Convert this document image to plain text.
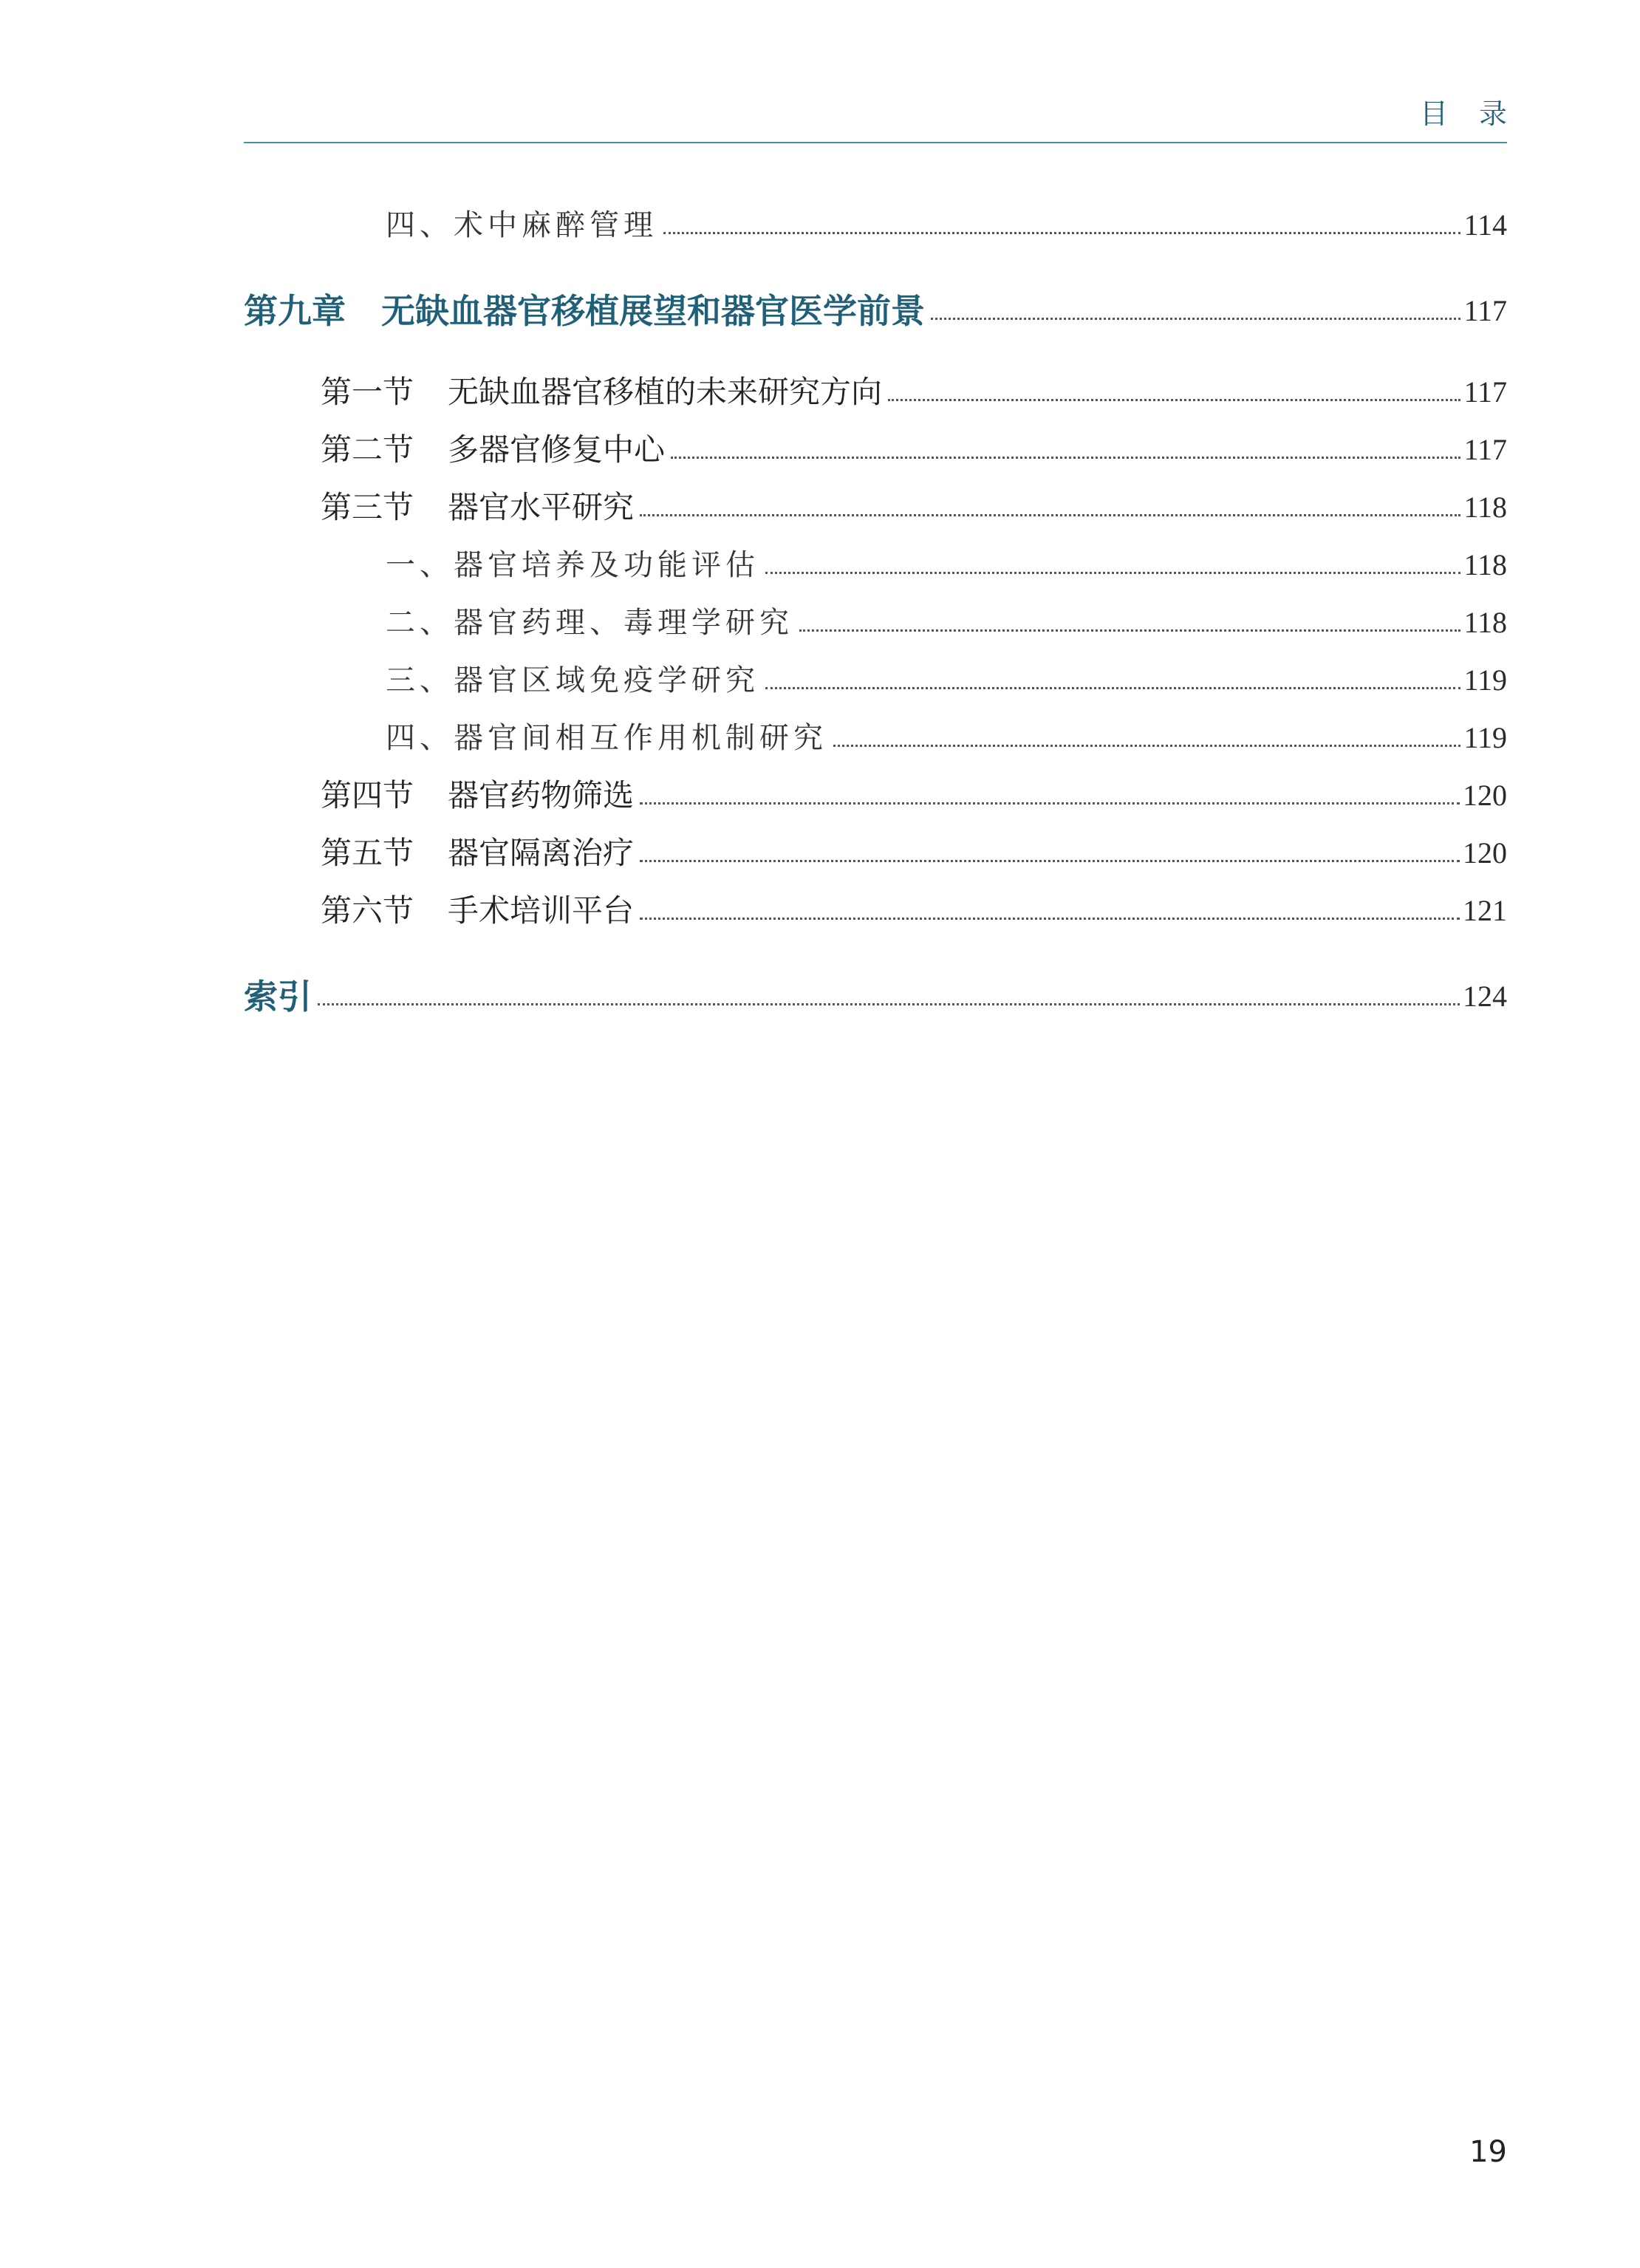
目录
四、术中麻醉管理	114
第九章 无缺血器官移植展望和器官医学前景	117
第一节 无缺血器官移植的未来研究方向	117
第二节 多器官修复中心	117
第三节 器官水平研究	118
一、器官培养及功能评估	118
二、器官药理、毒理学研究	118
三、器官区域免疫学研究	119
四、器官间相互作用机制研究	119
第四节 器官药物筛选	120
第五节 器官隔离治疗	120
第六节 手术培训平台	121
索引	124
19
